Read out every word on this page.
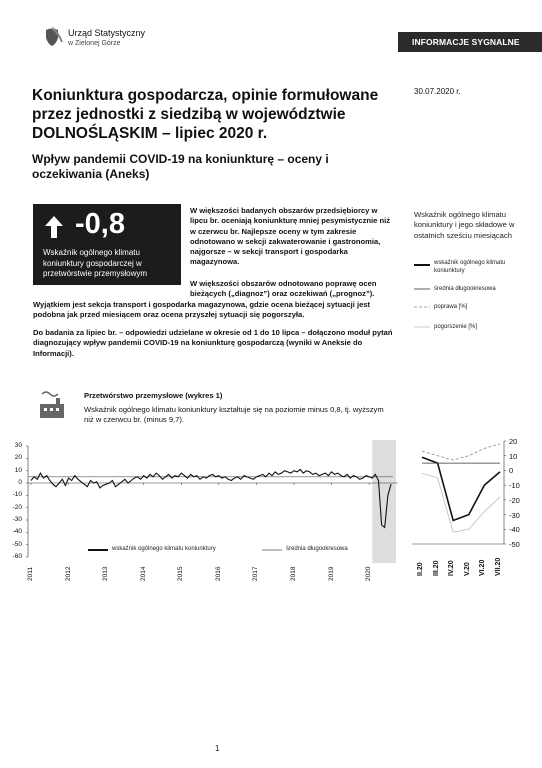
Urząd Statystyczny
w Zielonej Górze	INFORMACJE SYGNALNE
Koniunktura gospodarcza, opinie formułowane przez jednostki z siedzibą w województwie DOLNOŚLĄSKIM – lipiec 2020 r.
Wpływ pandemii COVID-19 na koniunkturę – oceny i oczekiwania (Aneks)
30.07.2020 r.
-0,8
Wskaźnik ogólnego klimatu koniunktury gospodarczej w przetwórstwie przemysłowym
W większości badanych obszarów przedsiębiorcy w lipcu br. oceniają koniunkturę mniej pesymistycznie niż w czerwcu br. Najlepsze oceny w tym zakresie odnotowano w sekcji zakwaterowanie i gastronomia, najgorsze – w sekcji transport i gospodarka magazynowa.
W większości obszarów odnotowano poprawę ocen bieżących („diagnoz”) oraz oczekiwań („prognoz”).
Wyjątkiem jest sekcja transport i gospodarka magazynowa, gdzie ocena bieżącej sytuacji jest podobna jak przed miesiącem oraz ocena przyszłej sytuacji się pogorszyła.
Do badania za lipiec br. – odpowiedzi udzielane w okresie od 1 do 10 lipca – dołączono moduł pytań diagnozujący wpływ pandemii COVID-19 na koniunkturę gospodarczą (wyniki w Aneksie do Informacji).
Wskaźnik ogólnego klimatu koniunktury i jego składowe w ostatnich sześciu miesiącach
wskaźnik ogólnego klimatu koniunktury
średnia długookresowa
poprawa [%]
pogorszenie [%]
Przetwórstwo przemysłowe (wykres 1)
Wskaźnik ogólnego klimatu koniunktury kształtuje się na poziomie minus 0,8, tj. wyższym niż w czerwcu br. (minus 9,7).
wskaźnik ogólnego klimatu koniunktury	średnia długookresowa
1
30
20
10
0
-10
-20
-30
-40
-50
-60
2011	2012	2013	2014	2015	2016	2017	2018	2019	2020
20
10
0
-10
-20
-30
-40
-50
II.20 III.20 IV.20 V.20 VI.20 VII.20
